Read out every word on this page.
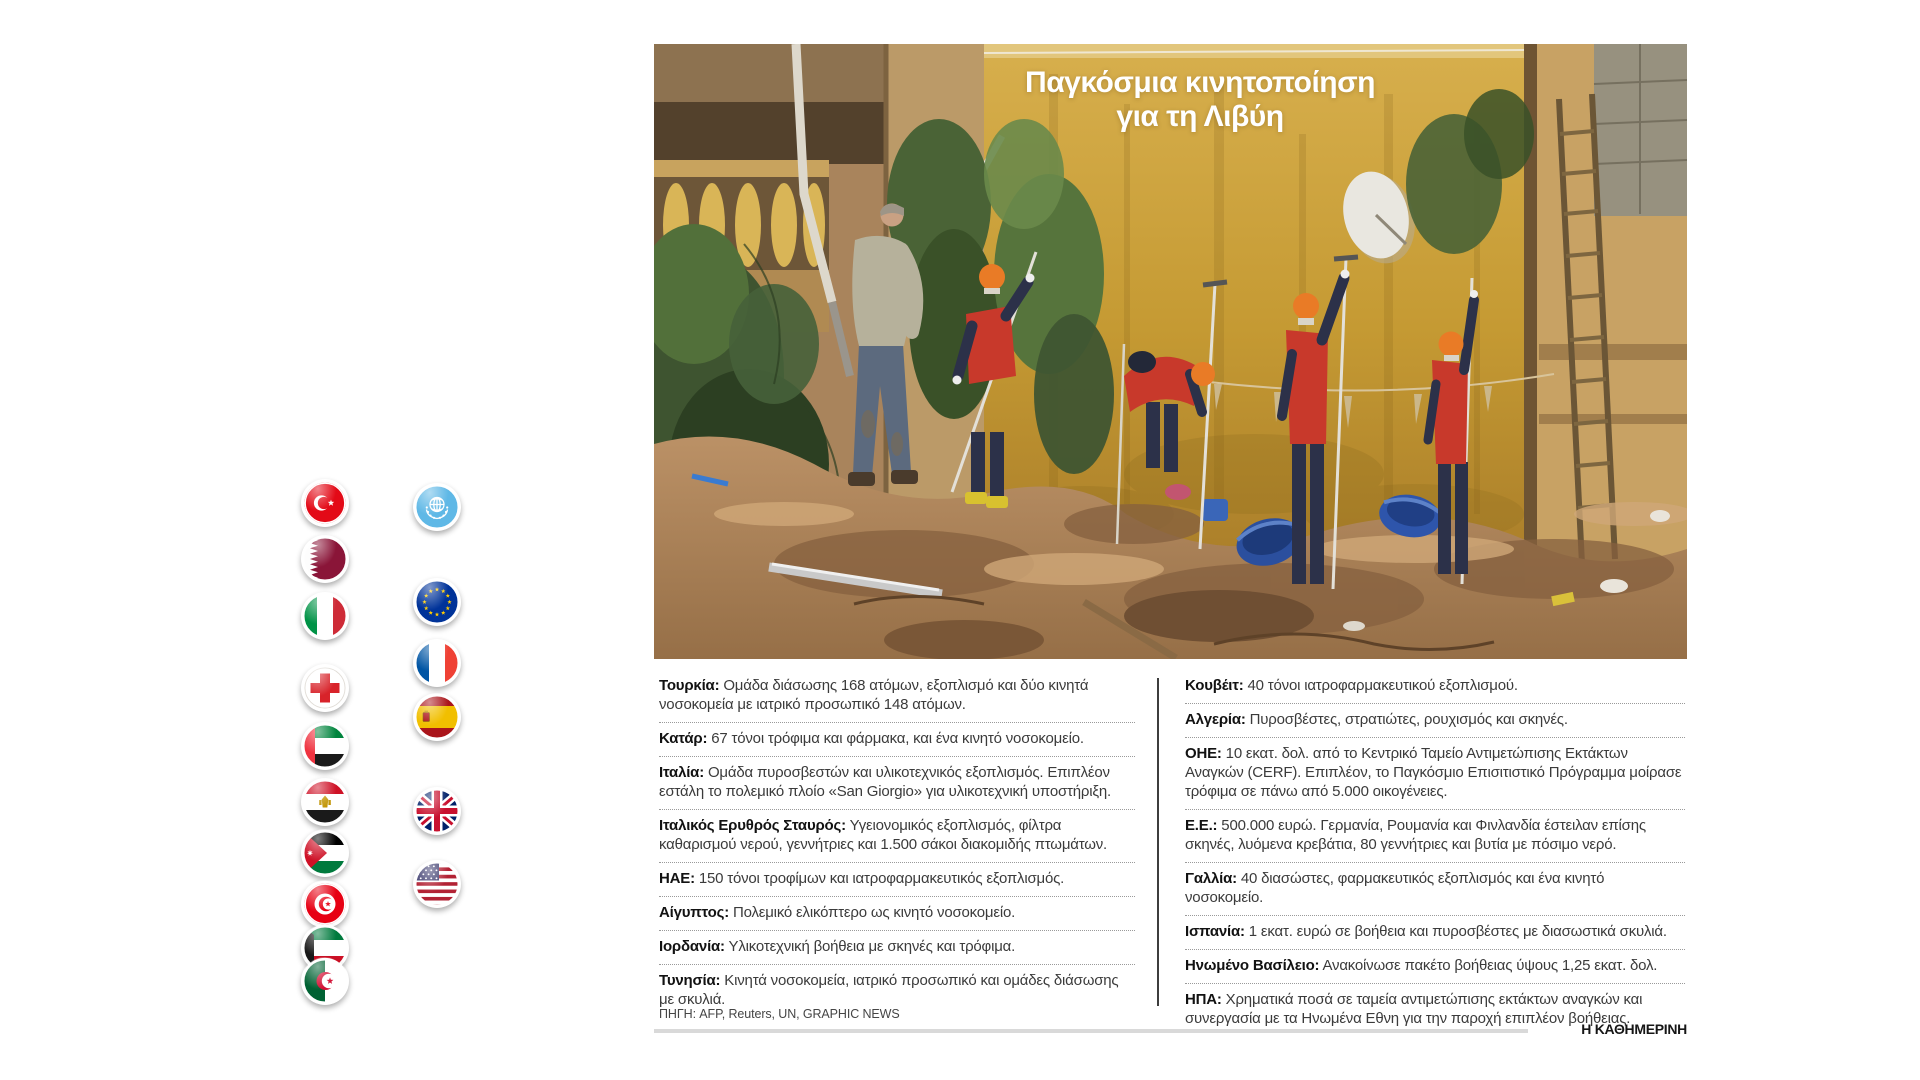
Παγκόσμια κινητοποίηση
για τη Λιβύη
Τουρκία: Ομάδα διάσωσης 168 ατόμων, εξοπλισμό και δύο κινητά νοσοκομεία με ιατρικό προσωπικό 148 ατόμων.
Κατάρ: 67 τόνοι τρόφιμα και φάρμακα, και ένα κινητό νοσοκομείο.
Ιταλία: Ομάδα πυροσβεστών και υλικοτεχνικός εξοπλισμός. Επιπλέον εστάλη το πολεμικό πλοίο «San Giorgio» για υλικοτεχνική υποστήριξη.
Ιταλικός Ερυθρός Σταυρός: Υγειονομικός εξοπλισμός, φίλτρα καθαρισμού νερού, γεννήτριες και 1.500 σάκοι διακομιδής πτωμάτων.
ΗΑΕ: 150 τόνοι τροφίμων και ιατροφαρμακευτικός εξοπλισμός.
Αίγυπτος: Πολεμικό ελικόπτερο ως κινητό νοσοκομείο.
Ιορδανία: Υλικοτεχνική βοήθεια με σκηνές και τρόφιμα.
Τυνησία: Κινητά νοσοκομεία, ιατρικό προσωπικό και ομάδες διάσωσης με σκυλιά.
Κουβέιτ: 40 τόνοι ιατροφαρμακευτικού εξοπλισμού.
Αλγερία: Πυροσβέστες, στρατιώτες, ρουχισμός και σκηνές.
ΟΗΕ: 10 εκατ. δολ. από το Κεντρικό Ταμείο Αντιμετώπισης Εκτάκτων Αναγκών (CERF). Επιπλέον, το Παγκόσμιο Επισιτιστικό Πρόγραμμα μοίρασε τρόφιμα σε πάνω από 5.000 οικογένειες.
Ε.Ε.: 500.000 ευρώ. Γερμανία, Ρουμανία και Φινλανδία έστειλαν επίσης σκηνές, λυόμενα κρεβάτια, 80 γεννήτριες και βυτία με πόσιμο νερό.
Γαλλία: 40 διασώστες, φαρμακευτικός εξοπλισμός και ένα κινητό νοσοκομείο.
Ισπανία: 1 εκατ. ευρώ σε βοήθεια και πυροσβέστες με διασωστικά σκυλιά.
Ηνωμένο Βασίλειο: Ανακοίνωσε πακέτο βοήθειας ύψους 1,25 εκατ. δολ.
ΗΠΑ: Χρηματικά ποσά σε ταμεία αντιμετώπισης εκτάκτων αναγκών και συνεργασία με τα Ηνωμένα Εθνη για την παροχή επιπλέον βοήθειας.
ΠΗΓΗ: AFP, Reuters, UN, GRAPHIC NEWS
Η ΚΑΘΗΜΕΡΙΝΗ
